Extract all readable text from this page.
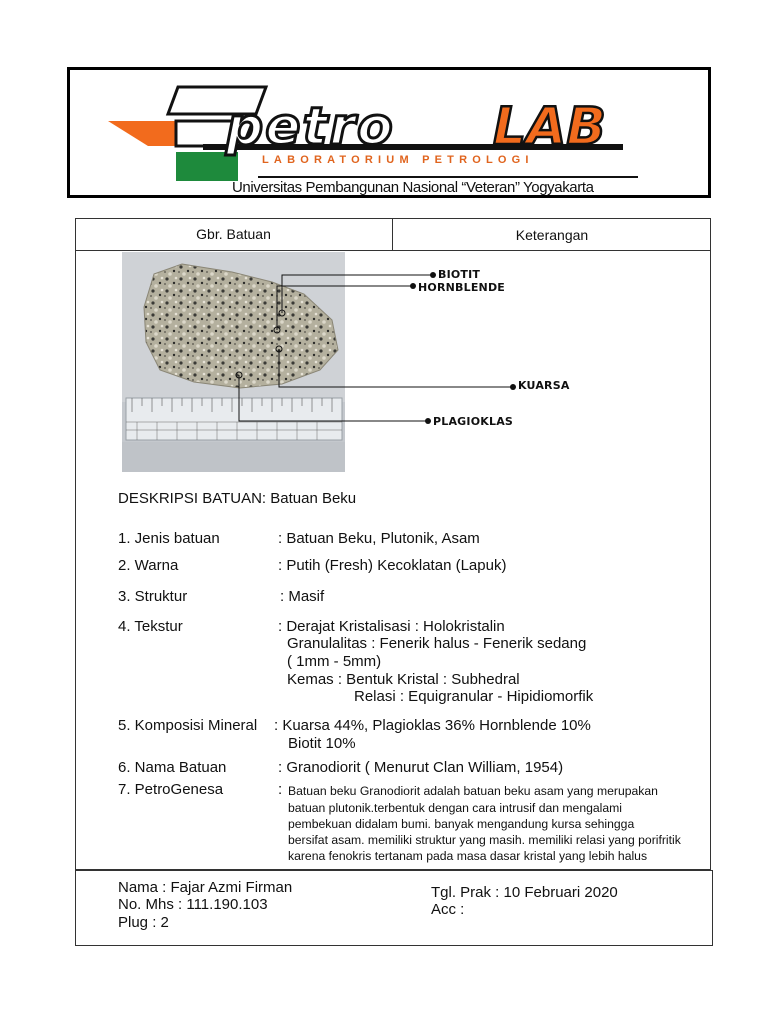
petro LAB
LABORATORIUM PETROLOGI
Universitas Pembangunan Nasional “Veteran” Yogyakarta
Gbr. Batuan	Keterangan
BIOTIT
HORNBLENDE
KUARSA
PLAGIOKLAS
DESKRIPSI BATUAN: Batuan Beku
1. Jenis batuan	: Batuan Beku, Plutonik, Asam
2. Warna	: Putih (Fresh) Kecoklatan (Lapuk)
3. Struktur	: Masif
4. Tekstur	: Derajat Kristalisasi : Holokristalin
Granulalitas : Fenerik halus - Fenerik sedang
( 1mm - 5mm)
Kemas : Bentuk Kristal : Subhedral
Relasi : Equigranular - Hipidiomorfik
5. Komposisi Mineral : Kuarsa 44%, Plagioklas 36% Hornblende 10%
Biotit 10%
6. Nama Batuan	: Granodiorit ( Menurut Clan William, 1954)
7. PetroGenesa	: Batuan beku Granodiorit adalah batuan beku asam yang merupakan
batuan plutonik.terbentuk dengan cara intrusif dan mengalami
pembekuan didalam bumi. banyak mengandung kursa sehingga
bersifat asam. memiliki struktur yang masih. memiliki relasi yang porifritik
karena fenokris tertanam pada masa dasar kristal yang lebih halus
Nama : Fajar Azmi Firman
No. Mhs : 111.190.103
Plug : 2
Tgl. Prak : 10 Februari 2020
Acc :
